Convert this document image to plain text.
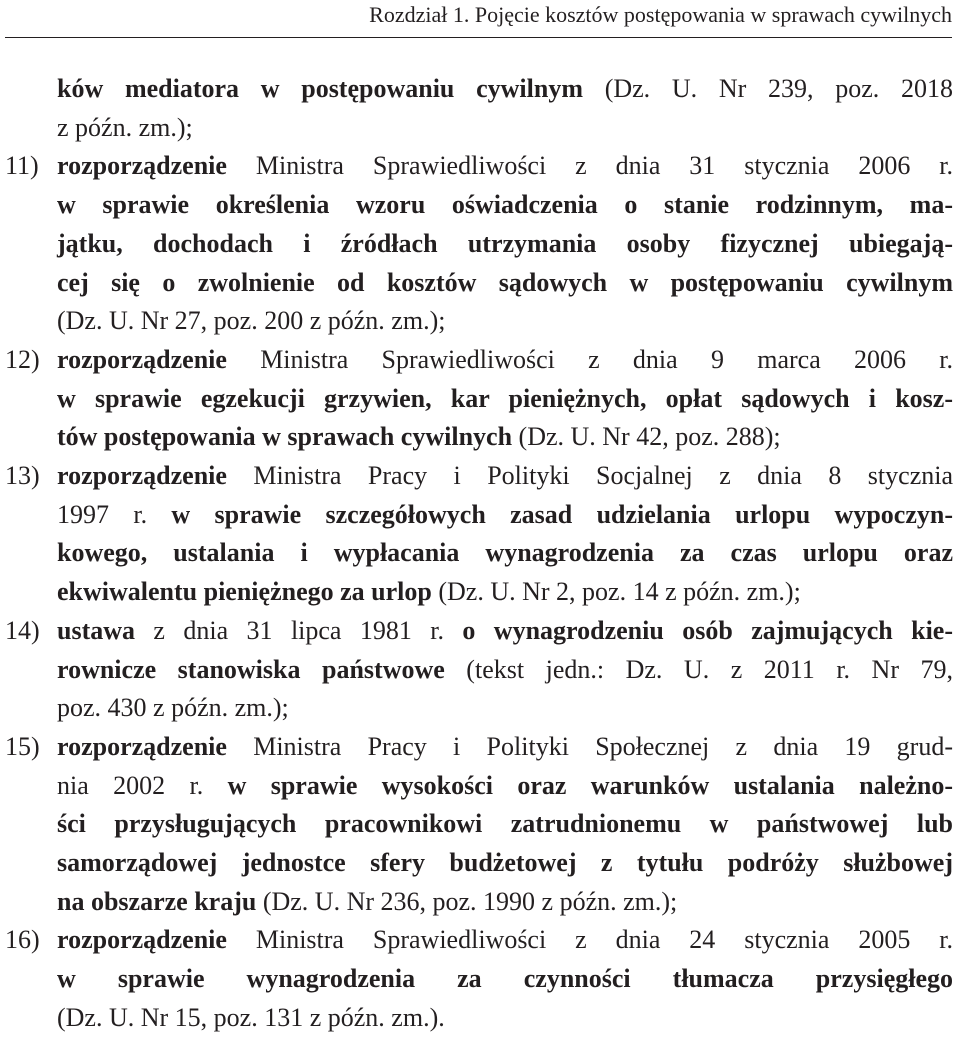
Rozdział 1. Pojęcie kosztów postępowania w sprawach cywilnych
ków mediatora w postępowaniu cywilnym (Dz. U. Nr 239, poz. 2018
z późn. zm.);
11) rozporządzenie Ministra Sprawiedliwości z dnia 31 stycznia 2006 r.
w sprawie określenia wzoru oświadczenia o stanie rodzinnym, ma-
jątku, dochodach i źródłach utrzymania osoby fizycznej ubiegają-
cej się o zwolnienie od kosztów sądowych w postępowaniu cywilnym
(Dz. U. Nr 27, poz. 200 z późn. zm.);
12) rozporządzenie Ministra Sprawiedliwości z dnia 9 marca 2006 r.
w sprawie egzekucji grzywien, kar pieniężnych, opłat sądowych i kosz-
tów postępowania w sprawach cywilnych (Dz. U. Nr 42, poz. 288);
13) rozporządzenie Ministra Pracy i Polityki Socjalnej z dnia 8 stycznia
1997 r. w sprawie szczegółowych zasad udzielania urlopu wypoczyn-
kowego, ustalania i wypłacania wynagrodzenia za czas urlopu oraz
ekwiwalentu pieniężnego za urlop (Dz. U. Nr 2, poz. 14 z późn. zm.);
14) ustawa z dnia 31 lipca 1981 r. o wynagrodzeniu osób zajmujących kie-
rownicze stanowiska państwowe (tekst jedn.: Dz. U. z 2011 r. Nr 79,
poz. 430 z późn. zm.);
15) rozporządzenie Ministra Pracy i Polityki Społecznej z dnia 19 grud-
nia 2002 r. w sprawie wysokości oraz warunków ustalania należno-
ści przysługujących pracownikowi zatrudnionemu w państwowej lub
samorządowej jednostce sfery budżetowej z tytułu podróży służbowej
na obszarze kraju (Dz. U. Nr 236, poz. 1990 z późn. zm.);
16) rozporządzenie Ministra Sprawiedliwości z dnia 24 stycznia 2005 r.
w sprawie wynagrodzenia za czynności tłumacza przysięgłego
(Dz. U. Nr 15, poz. 131 z późn. zm.).
